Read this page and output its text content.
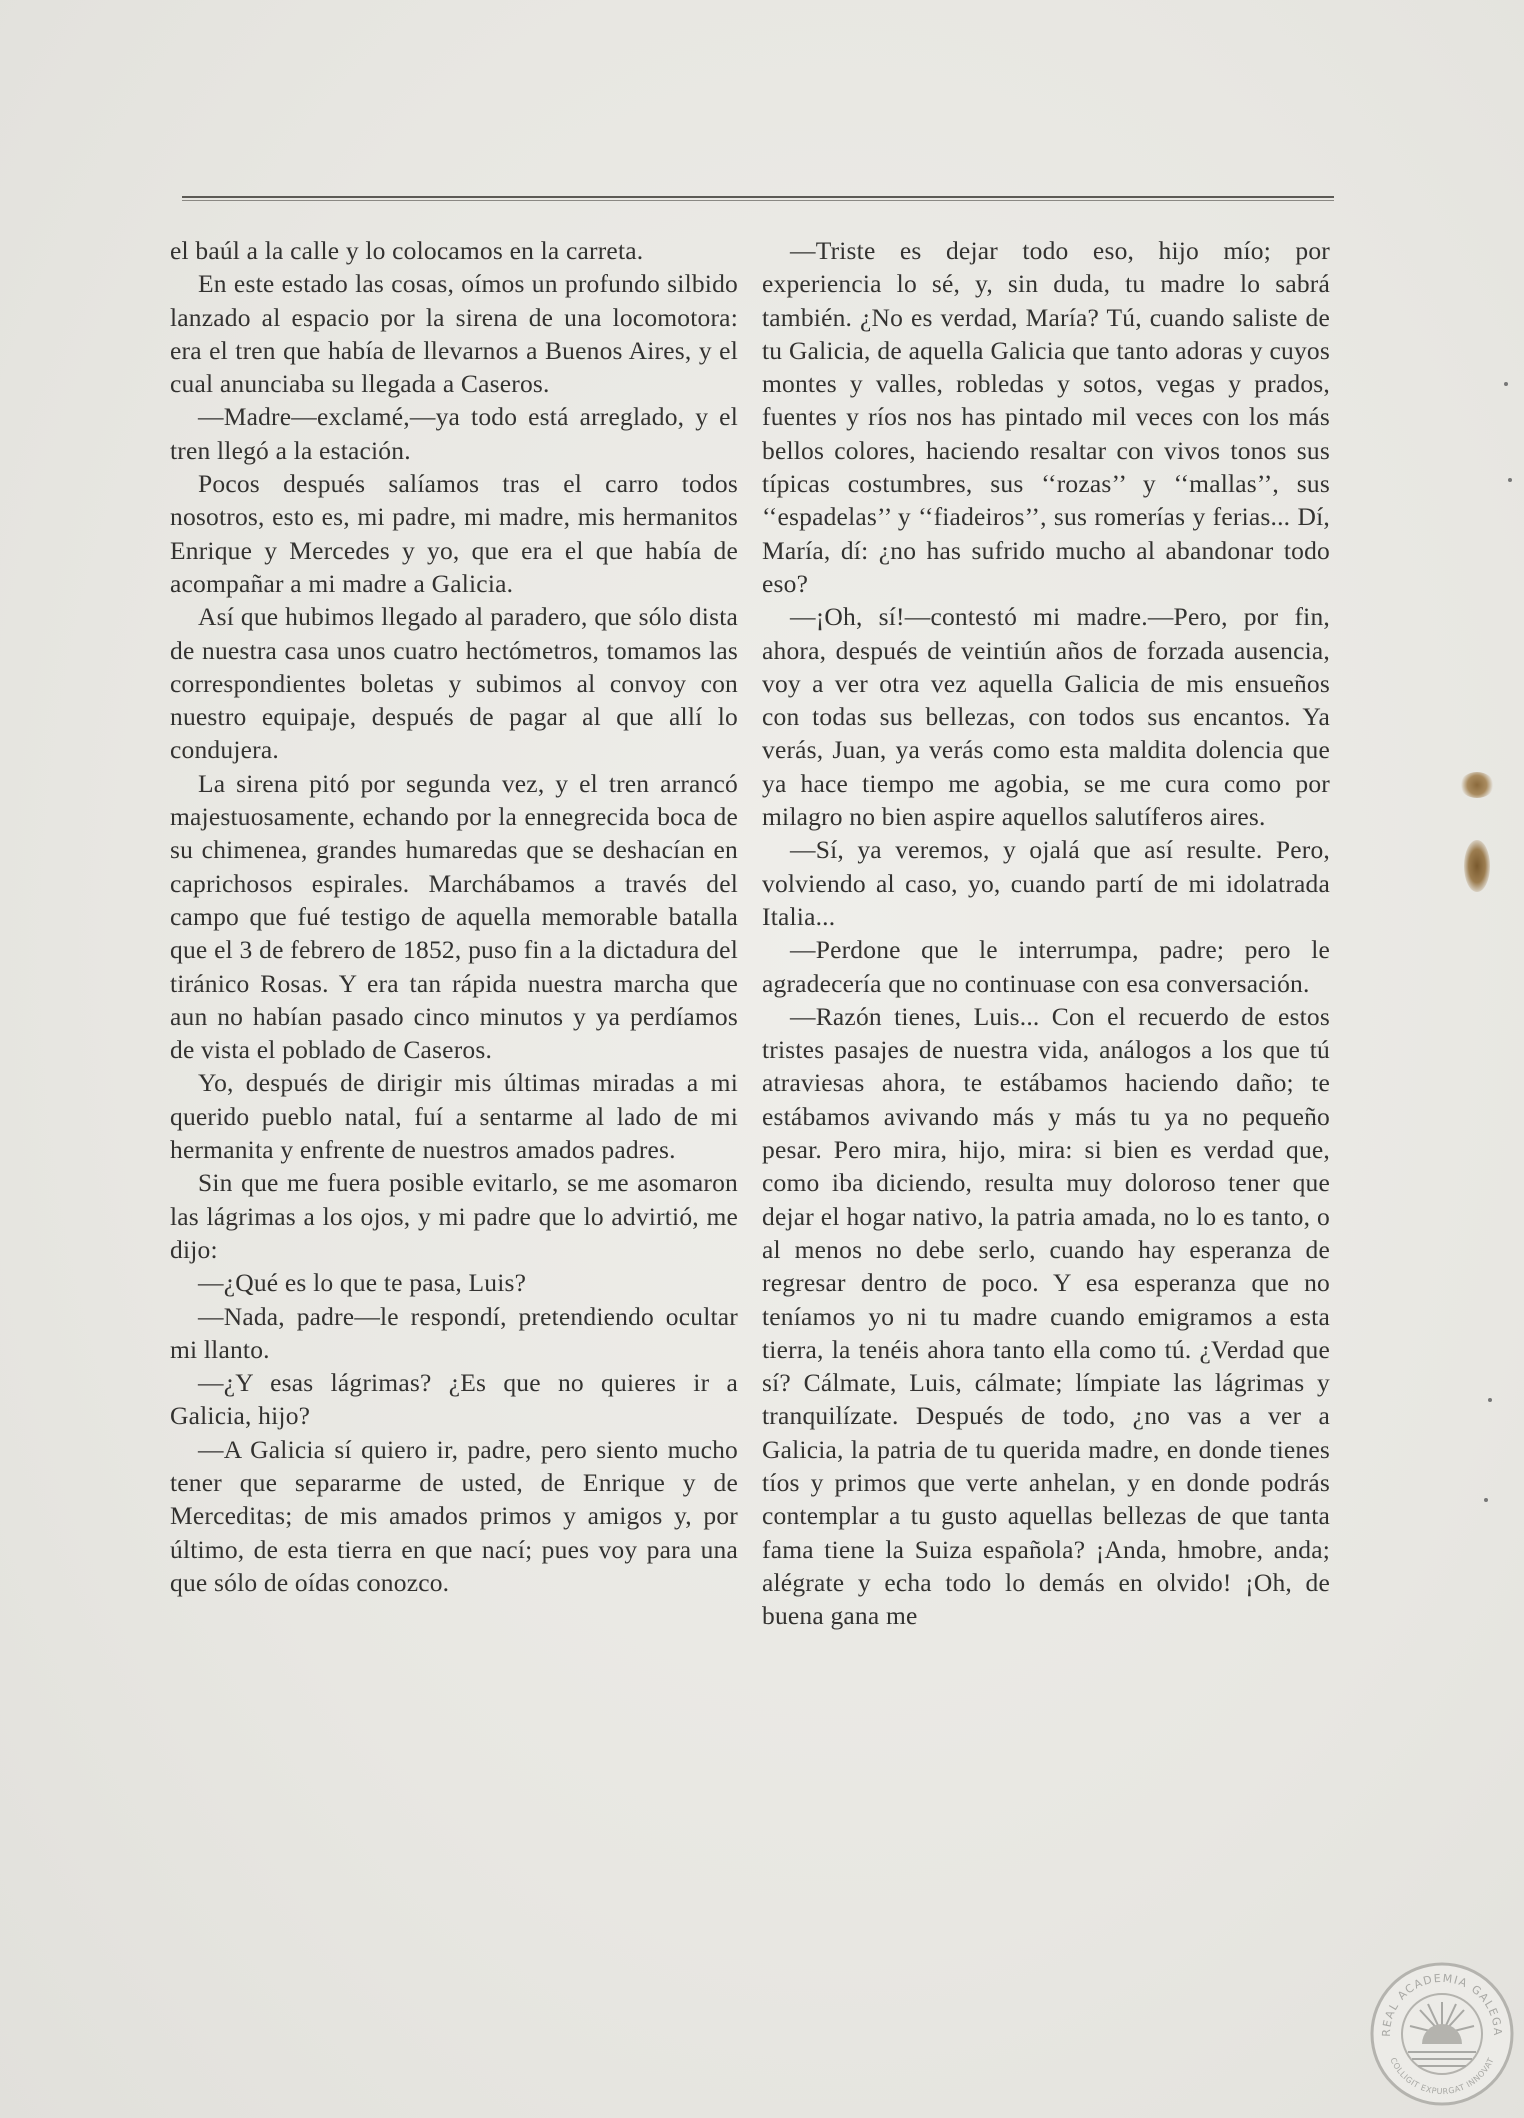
el baúl a la calle y lo colocamos en la carreta.

En este estado las cosas, oímos un profundo silbido lanzado al espacio por la sirena de una locomotora: era el tren que había de llevarnos a Buenos Aires, y el cual anunciaba su llegada a Caseros.

—Madre—exclamé,—ya todo está arreglado, y el tren llegó a la estación.

Pocos después salíamos tras el carro todos nosotros, esto es, mi padre, mi madre, mis hermanitos Enrique y Mercedes y yo, que era el que había de acompañar a mi madre a Galicia.

Así que hubimos llegado al paradero, que sólo dista de nuestra casa unos cuatro hectómetros, tomamos las correspondientes boletas y subimos al convoy con nuestro equipaje, después de pagar al que allí lo condujera.

La sirena pitó por segunda vez, y el tren arrancó majestuosamente, echando por la ennegrecida boca de su chimenea, grandes humaredas que se deshacían en caprichosos espirales. Marchábamos a través del campo que fué testigo de aquella memorable batalla que el 3 de febrero de 1852, puso fin a la dictadura del tiránico Rosas. Y era tan rápida nuestra marcha que aun no habían pasado cinco minutos y ya perdíamos de vista el poblado de Caseros.

Yo, después de dirigir mis últimas miradas a mi querido pueblo natal, fuí a sentarme al lado de mi hermanita y enfrente de nuestros amados padres.

Sin que me fuera posible evitarlo, se me asomaron las lágrimas a los ojos, y mi padre que lo advirtió, me dijo:

—¿Qué es lo que te pasa, Luis?

—Nada, padre—le respondí, pretendiendo ocultar mi llanto.

—¿Y esas lágrimas? ¿Es que no quieres ir a Galicia, hijo?

—A Galicia sí quiero ir, padre, pero siento mucho tener que separarme de usted, de Enrique y de Merceditas; de mis amados primos y amigos y, por último, de esta tierra en que nací; pues voy para una que sólo de oídas conozco.

—Triste es dejar todo eso, hijo mío; por experiencia lo sé, y, sin duda, tu madre lo sabrá también. ¿No es verdad, María? Tú, cuando saliste de tu Galicia, de aquella Galicia que tanto adoras y cuyos montes y valles, robledas y sotos, vegas y prados, fuentes y ríos nos has pintado mil veces con los más bellos colores, haciendo resaltar con vivos tonos sus típicas costumbres, sus ‘‘rozas’’ y ‘‘mallas’’, sus ‘‘espadelas’’ y ‘‘fiadeiros’’, sus romerías y ferias... Dí, María, dí: ¿no has sufrido mucho al abandonar todo eso?

—¡Oh, sí!—contestó mi madre.—Pero, por fin, ahora, después de veintiún años de forzada ausencia, voy a ver otra vez aquella Galicia de mis ensueños con todas sus bellezas, con todos sus encantos. Ya verás, Juan, ya verás como esta maldita dolencia que ya hace tiempo me agobia, se me cura como por milagro no bien aspire aquellos salutíferos aires.

—Sí, ya veremos, y ojalá que así resulte. Pero, volviendo al caso, yo, cuando partí de mi idolatrada Italia...

—Perdone que le interrumpa, padre; pero le agradecería que no continuase con esa conversación.

—Razón tienes, Luis... Con el recuerdo de estos tristes pasajes de nuestra vida, análogos a los que tú atraviesas ahora, te estábamos haciendo daño; te estábamos avivando más y más tu ya no pequeño pesar. Pero mira, hijo, mira: si bien es verdad que, como iba diciendo, resulta muy doloroso tener que dejar el hogar nativo, la patria amada, no lo es tanto, o al menos no debe serlo, cuando hay esperanza de regresar dentro de poco. Y esa esperanza que no teníamos yo ni tu madre cuando emigramos a esta tierra, la tenéis ahora tanto ella como tú. ¿Verdad que sí? Cálmate, Luis, cálmate; límpiate las lágrimas y tranquilízate. Después de todo, ¿no vas a ver a Galicia, la patria de tu querida madre, en donde tienes tíos y primos que verte anhelan, y en donde podrás contemplar a tu gusto aquellas bellezas de que tanta fama tiene la Suiza española? ¡Anda, hmobre, anda; alégrate y echa todo lo demás en olvido! ¡Oh, de buena gana me

REAL ACADEMIA GALEGA
COLLIGIT EXPURGAT INNOVAT
